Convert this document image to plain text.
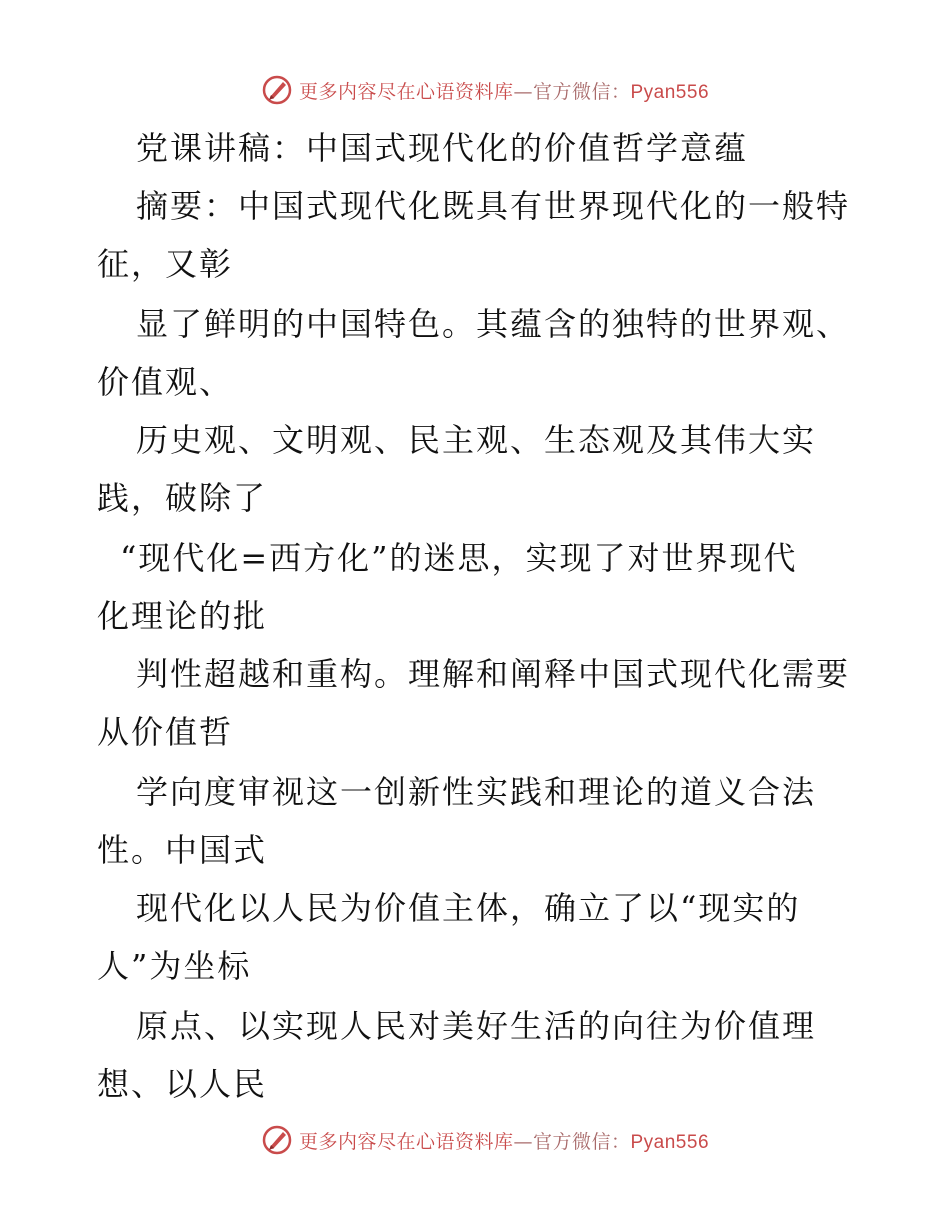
更多内容尽在心语资料库—官方微信：Pyan556
党课讲稿：中国式现代化的价值哲学意蕴
摘要：中国式现代化既具有世界现代化的一般特
征，又彰
显了鲜明的中国特色。其蕴含的独特的世界观、
价值观、
历史观、文明观、民主观、生态观及其伟大实
践，破除了
“现代化=西方化”的迷思，实现了对世界现代
化理论的批
判性超越和重构。理解和阐释中国式现代化需要
从价值哲
学向度审视这一创新性实践和理论的道义合法
性。中国式
现代化以人民为价值主体，确立了以“现实的
人”为坐标
原点、以实现人民对美好生活的向往为价值理
想、以人民
更多内容尽在心语资料库—官方微信：Pyan556
